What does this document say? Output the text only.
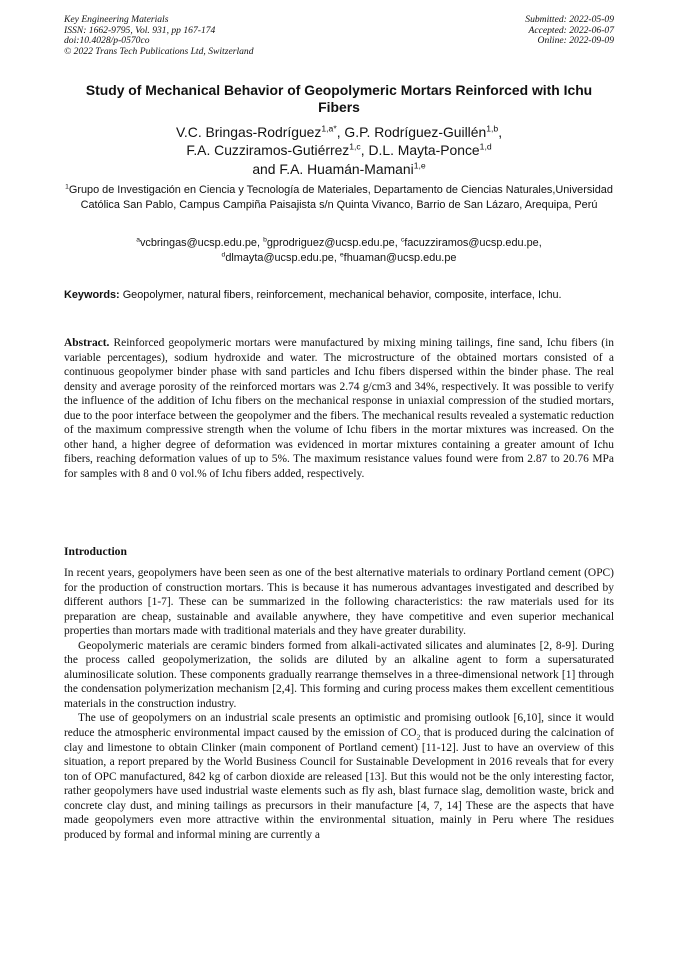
Key Engineering Materials
ISSN: 1662-9795, Vol. 931, pp 167-174
doi:10.4028/p-0570co
© 2022 Trans Tech Publications Ltd, Switzerland
Submitted: 2022-05-09
Accepted: 2022-06-07
Online: 2022-09-09
Study of Mechanical Behavior of Geopolymeric Mortars Reinforced with Ichu Fibers
V.C. Bringas-Rodríguez$^{1,a*}$, G.P. Rodríguez-Guillén$^{1,b}$,
F.A. Cuzziramos-Gutiérrez$^{1,c}$, D.L. Mayta-Ponce$^{1,d}$
and F.A. Huamán-Mamani$^{1,e}$
$^1$Grupo de Investigación en Ciencia y Tecnología de Materiales, Departamento de Ciencias Naturales,Universidad Católica San Pablo, Campus Campiña Paisajista s/n Quinta Vivanco, Barrio de San Lázaro, Arequipa, Perú
$^a$vcbringas@ucsp.edu.pe, $^b$gprodriguez@ucsp.edu.pe, $^c$facuzziramos@ucsp.edu.pe,
$^d$dlmayta@ucsp.edu.pe, $^e$fhuaman@ucsp.edu.pe
Keywords: Geopolymer, natural fibers, reinforcement, mechanical behavior, composite, interface, Ichu.
Abstract. Reinforced geopolymeric mortars were manufactured by mixing mining tailings, fine sand, Ichu fibers (in variable percentages), sodium hydroxide and water. The microstructure of the obtained mortars consisted of a continuous geopolymer binder phase with sand particles and Ichu fibers dispersed within the binder phase. The real density and average porosity of the reinforced mortars was 2.74 g/cm3 and 34%, respectively. It was possible to verify the influence of the addition of Ichu fibers on the mechanical response in uniaxial compression of the studied mortars, due to the poor interface between the geopolymer and the fibers. The mechanical results revealed a systematic reduction of the maximum compressive strength when the volume of Ichu fibers in the mortar mixtures was increased. On the other hand, a higher degree of deformation was evidenced in mortar mixtures containing a greater amount of Ichu fibers, reaching deformation values of up to 5%. The maximum resistance values found were from 2.87 to 20.76 MPa for samples with 8 and 0 vol.% of Ichu fibers added, respectively.
Introduction

In recent years, geopolymers have been seen as one of the best alternative materials to ordinary Portland cement (OPC) for the production of construction mortars. This is because it has numerous advantages investigated and described by different authors [1-7]. These can be summarized in the following characteristics: the raw materials used for its preparation are cheap, sustainable and available anywhere, they have competitive and even superior mechanical properties than mortars made with traditional materials and they have greater durability.

Geopolymeric materials are ceramic binders formed from alkali-activated silicates and aluminates [2, 8-9]. During the process called geopolymerization, the solids are diluted by an alkaline agent to form a supersaturated aluminosilicate solution. These components gradually rearrange themselves in a three-dimensional network [1] through the condensation polymerization mechanism [2,4]. This forming and curing process makes them excellent cementitious materials in the construction industry.

The use of geopolymers on an industrial scale presents an optimistic and promising outlook [6,10], since it would reduce the atmospheric environmental impact caused by the emission of $CO_2$ that is produced during the calcination of clay and limestone to obtain Clinker (main component of Portland cement) [11-12]. Just to have an overview of this situation, a report prepared by the World Business Council for Sustainable Development in 2016 reveals that for every ton of OPC manufactured, 842 kg of carbon dioxide are released [13]. But this would not be the only interesting factor, rather geopolymers have used industrial waste elements such as fly ash, blast furnace slag, demolition waste, brick and concrete clay dust, and mining tailings as precursors in their manufacture [4, 7, 14] These are the aspects that have made geopolymers even more attractive within the environmental situation, mainly in Peru where The residues produced by formal and informal mining are currently a
